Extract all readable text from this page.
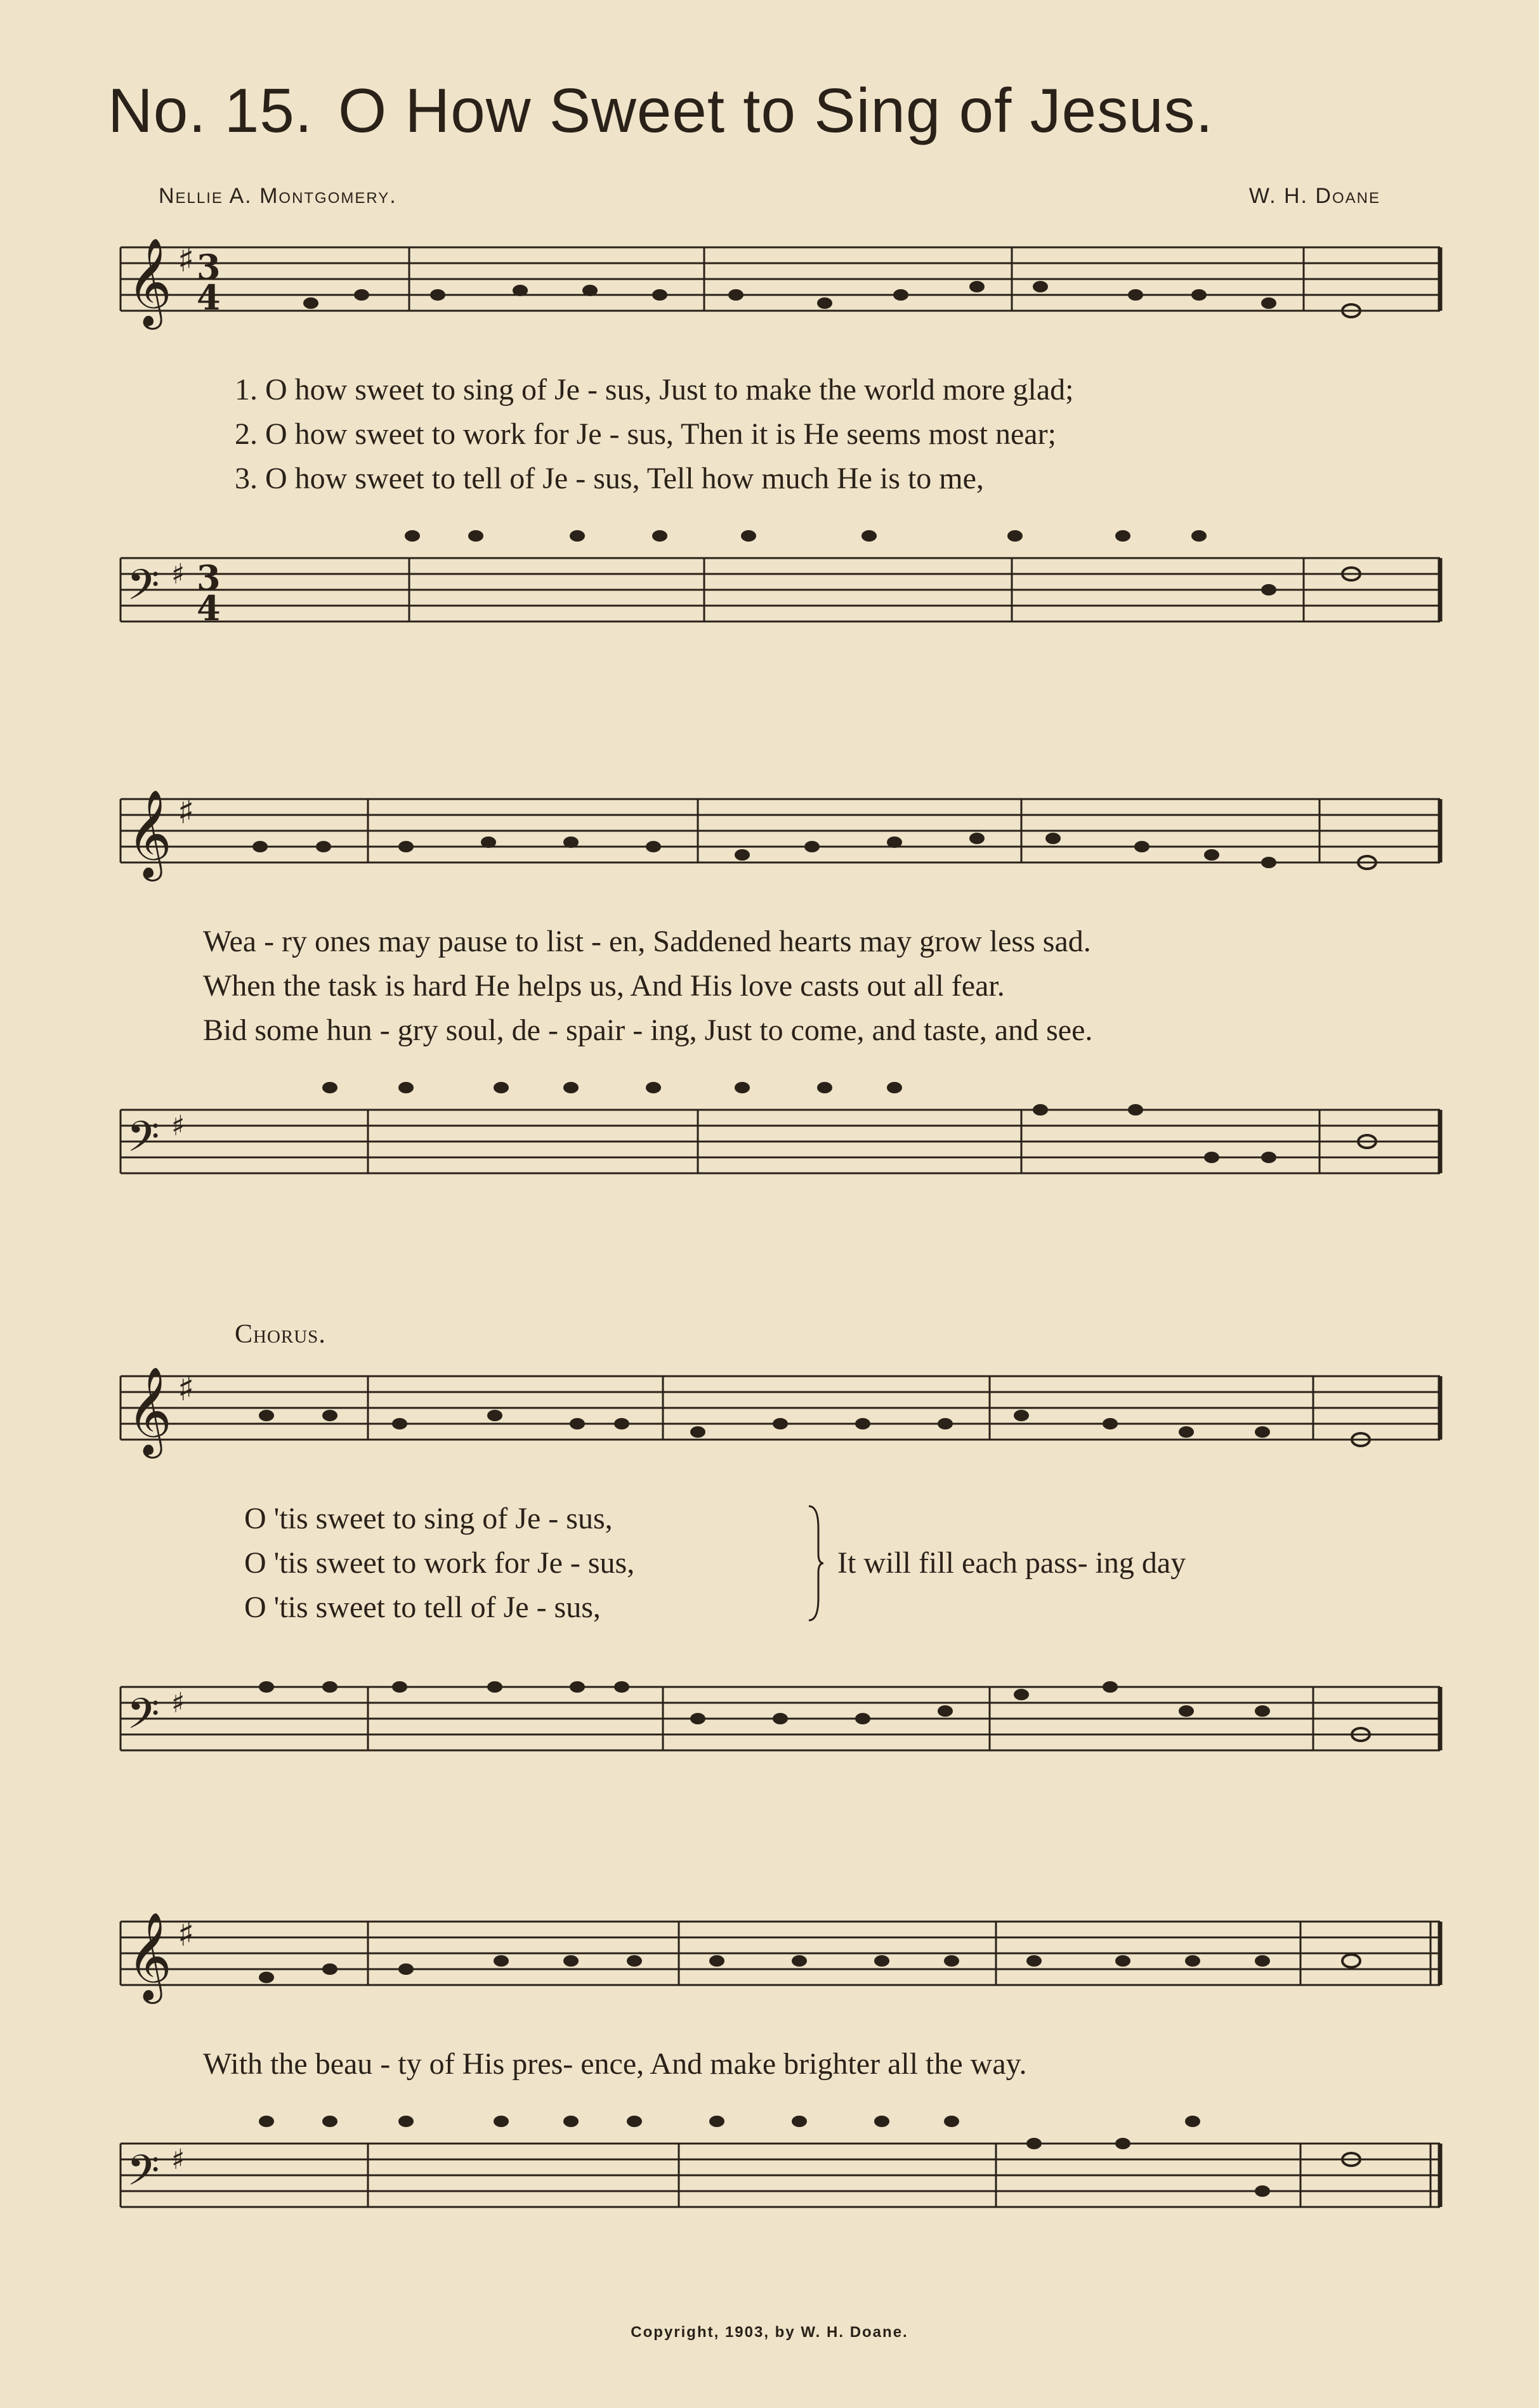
No. 15. O How Sweet to Sing of Jesus.
Nellie A. Montgomery.	W. H. Doane
𝄞 ♯ 3
4
1. O how sweet to sing of Je - sus, Just to make the world more glad;
2. O how sweet to work for Je - sus, Then it is He seems most near;
3. O how sweet to tell of Je - sus, Tell how much He is to me,
𝄢 ♯ 3
4
𝄞 ♯
Wea - ry ones may pause to list - en, Saddened hearts may grow less sad.
When the task is hard He helps us, And His love casts out all fear.
Bid some hun - gry soul, de - spair - ing, Just to come, and taste, and see.
𝄢 ♯
Chorus.
𝄞 ♯
O 'tis sweet to sing of Je - sus,
O 'tis sweet to work for Je - sus,
O 'tis sweet to tell of Je - sus,
It will fill each pass- ing day
𝄢 ♯
𝄞 ♯
With the beau - ty of His pres- ence, And make brighter all the way.
𝄢 ♯
Copyright, 1903, by W. H. Doane.
